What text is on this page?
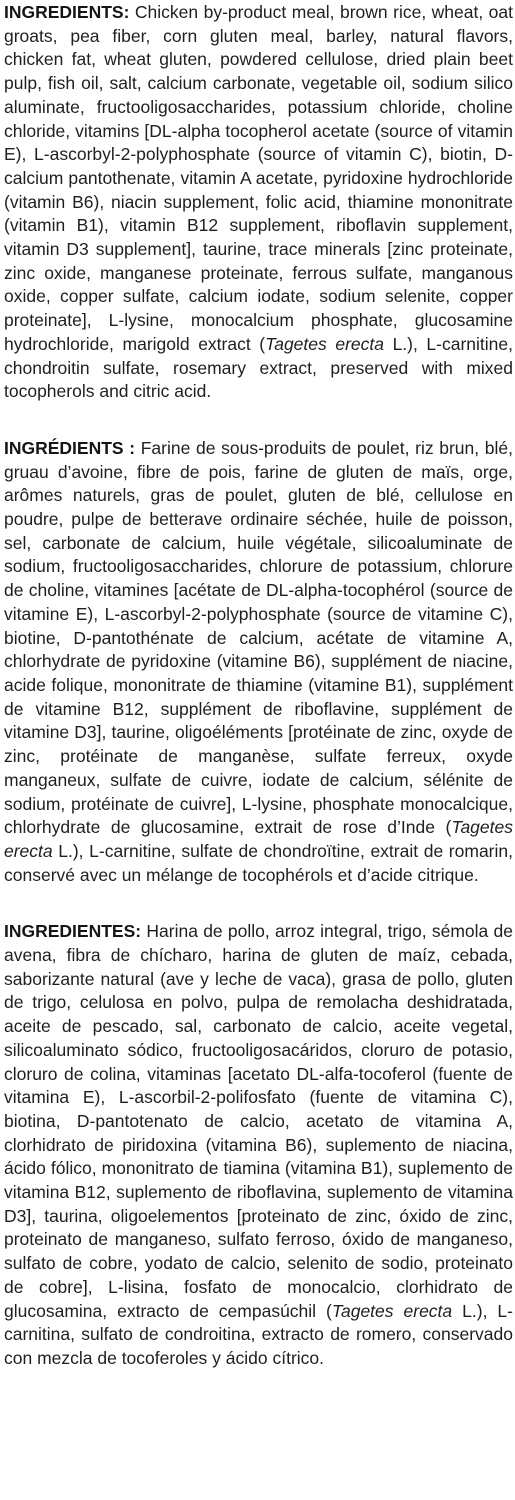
INGREDIENTS: Chicken by-product meal, brown rice, wheat, oat groats, pea fiber, corn gluten meal, barley, natural flavors, chicken fat, wheat gluten, powdered cellulose, dried plain beet pulp, fish oil, salt, calcium carbonate, vegetable oil, sodium silico aluminate, fructooligosaccharides, potassium chloride, choline chloride, vitamins [DL-alpha tocopherol acetate (source of vitamin E), L-ascorbyl-2-polyphosphate (source of vitamin C), biotin, D-calcium pantothenate, vitamin A acetate, pyridoxine hydrochloride (vitamin B6), niacin supplement, folic acid, thiamine mononitrate (vitamin B1), vitamin B12 supplement, riboflavin supplement, vitamin D3 supplement], taurine, trace minerals [zinc proteinate, zinc oxide, manganese proteinate, ferrous sulfate, manganous oxide, copper sulfate, calcium iodate, sodium selenite, copper proteinate], L-lysine, monocalcium phosphate, glucosamine hydrochloride, marigold extract (Tagetes erecta L.), L-carnitine, chondroitin sulfate, rosemary extract, preserved with mixed tocopherols and citric acid.

INGRÉDIENTS : Farine de sous-produits de poulet, riz brun, blé, gruau d’avoine, fibre de pois, farine de gluten de maïs, orge, arômes naturels, gras de poulet, gluten de blé, cellulose en poudre, pulpe de betterave ordinaire séchée, huile de poisson, sel, carbonate de calcium, huile végétale, silicoaluminate de sodium, fructooligosaccharides, chlorure de potassium, chlorure de choline, vitamines [acétate de DL-alpha-tocophérol (source de vitamine E), L-ascorbyl-2-polyphosphate (source de vitamine C), biotine, D-pantothénate de calcium, acétate de vitamine A, chlorhydrate de pyridoxine (vitamine B6), supplément de niacine, acide folique, mononitrate de thiamine (vitamine B1), supplément de vitamine B12, supplément de riboflavine, supplément de vitamine D3], taurine, oligoéléments [protéinate de zinc, oxyde de zinc, protéinate de manganèse, sulfate ferreux, oxyde manganeux, sulfate de cuivre, iodate de calcium, sélénite de sodium, protéinate de cuivre], L-lysine, phosphate monocalcique, chlorhydrate de glucosamine, extrait de rose d’Inde (Tagetes erecta L.), L-carnitine, sulfate de chondroïtine, extrait de romarin, conservé avec un mélange de tocophérols et d’acide citrique.

INGREDIENTES: Harina de pollo, arroz integral, trigo, sémola de avena, fibra de chícharo, harina de gluten de maíz, cebada, saborizante natural (ave y leche de vaca), grasa de pollo, gluten de trigo, celulosa en polvo, pulpa de remolacha deshidratada, aceite de pescado, sal, carbonato de calcio, aceite vegetal, silicoaluminato sódico, fructooligosacáridos, cloruro de potasio, cloruro de colina, vitaminas [acetato DL-alfa-tocoferol (fuente de vitamina E), L-ascorbil-2-polifosfato (fuente de vitamina C), biotina, D-pantotenato de calcio, acetato de vitamina A, clorhidrato de piridoxina (vitamina B6), suplemento de niacina, ácido fólico, mononitrato de tiamina (vitamina B1), suplemento de vitamina B12, suplemento de riboflavina, suplemento de vitamina D3], taurina, oligoelementos [proteinato de zinc, óxido de zinc, proteinato de manganeso, sulfato ferroso, óxido de manganeso, sulfato de cobre, yodato de calcio, selenito de sodio, proteinato de cobre], L-lisina, fosfato de monocalcio, clorhidrato de glucosamina, extracto de cempasúchil (Tagetes erecta L.), L-carnitina, sulfato de condroitina, extracto de romero, conservado con mezcla de tocoferoles y ácido cítrico.
